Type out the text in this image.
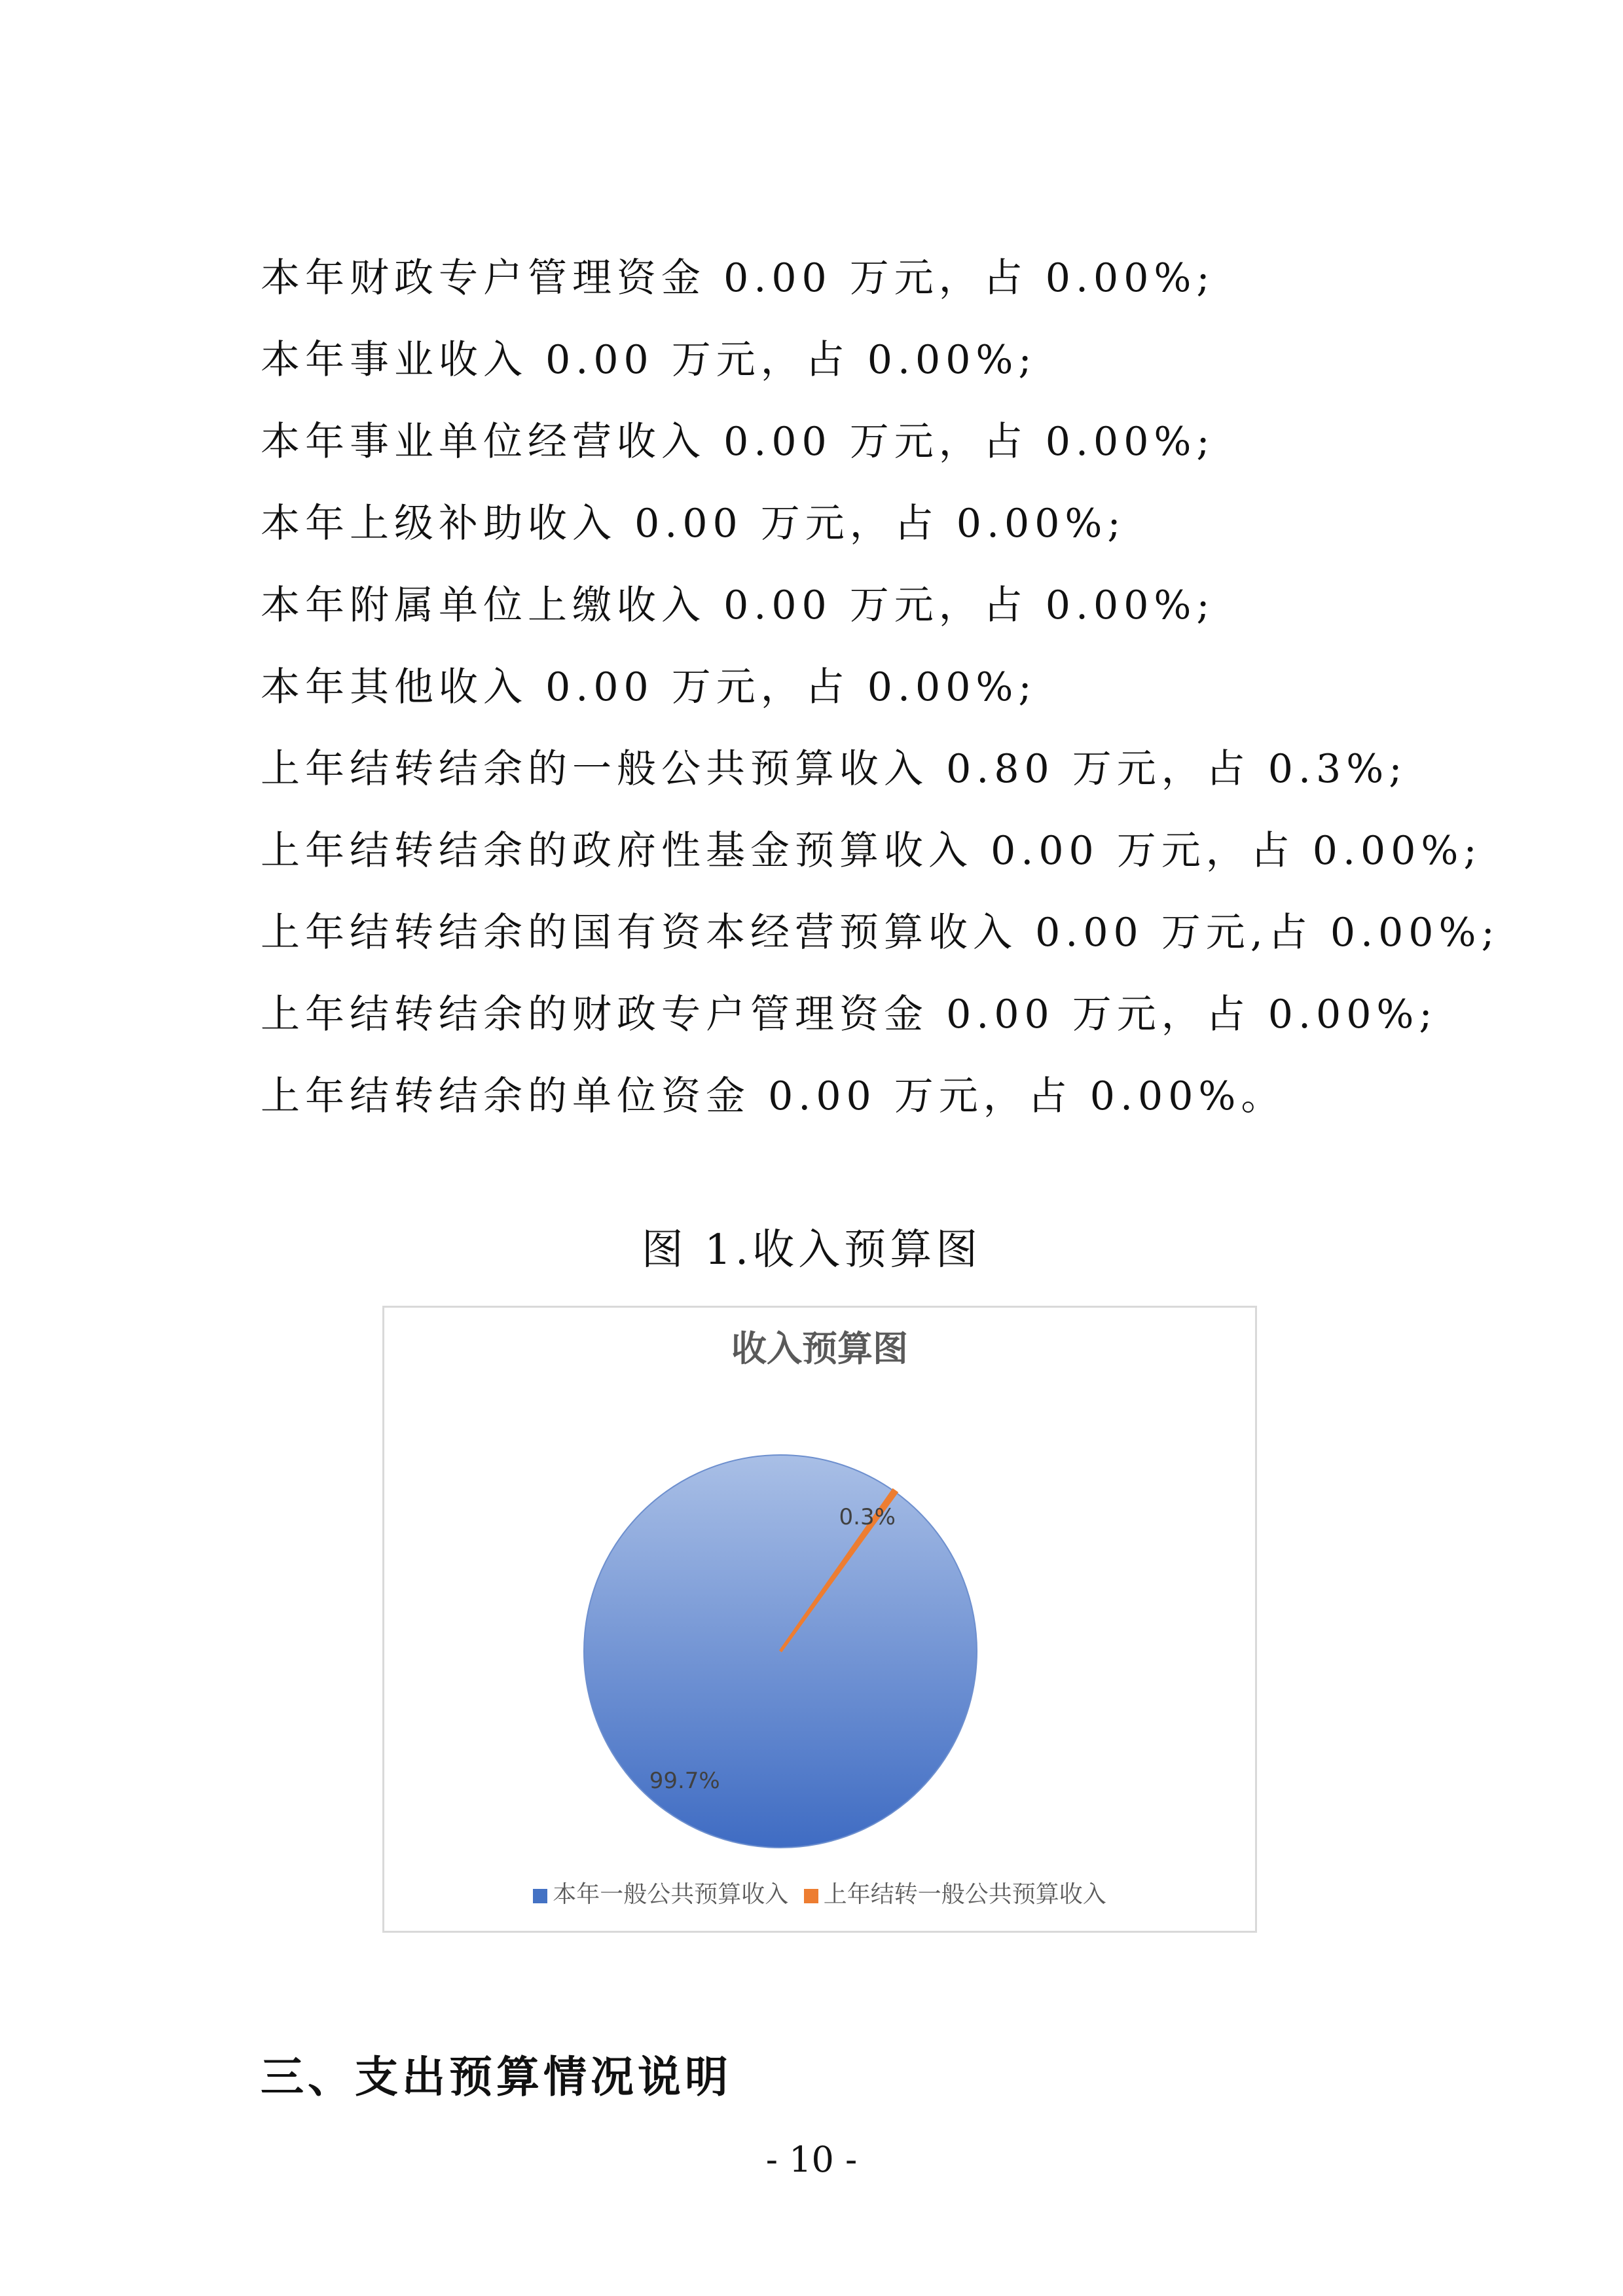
本年财政专户管理资金 0.00 万元，占 0.00%;
本年事业收入 0.00 万元，占 0.00%;
本年事业单位经营收入 0.00 万元，占 0.00%;
本年上级补助收入 0.00 万元，占 0.00%;
本年附属单位上缴收入 0.00 万元，占 0.00%;
本年其他收入 0.00 万元，占 0.00%;
上年结转结余的一般公共预算收入 0.80 万元，占 0.3%;
上年结转结余的政府性基金预算收入 0.00 万元，占 0.00%;
上年结转结余的国有资本经营预算收入 0.00 万元,占 0.00%;
上年结转结余的财政专户管理资金 0.00 万元，占 0.00%;
上年结转结余的单位资金 0.00 万元，占 0.00%。
图 1.收入预算图
99.7%
0.3%
收入预算图
本年一般公共预算收入 上年结转一般公共预算收入
三、支出预算情况说明
- 10 -
